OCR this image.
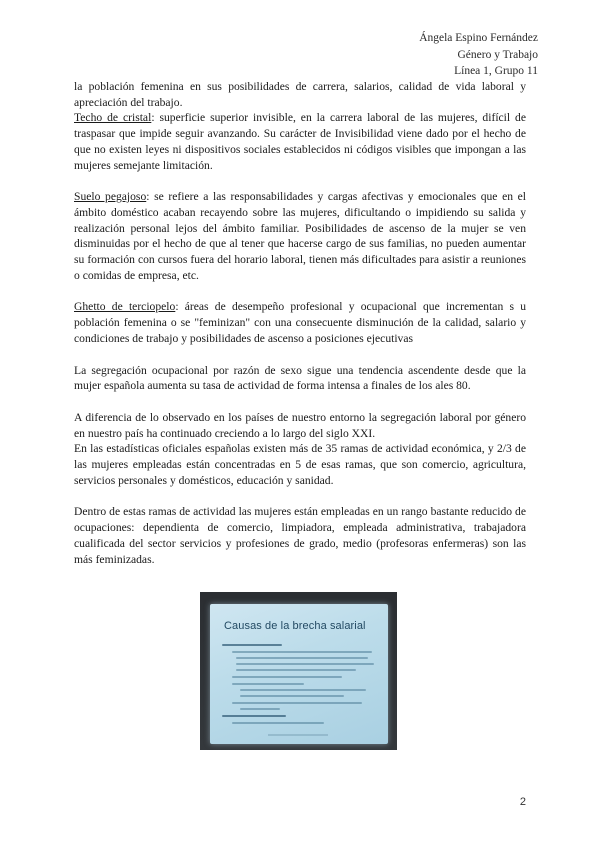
Ángela Espino Fernández
Género y Trabajo
Línea 1, Grupo 11

la población femenina en sus posibilidades de carrera, salarios, calidad de vida laboral y apreciación del trabajo.

Techo de cristal: superficie superior invisible, en la carrera laboral de las mujeres, difícil de traspasar que impide seguir avanzando. Su carácter de Invisibilidad viene dado por el hecho de que no existen leyes ni dispositivos sociales establecidos ni códigos visibles que impongan a las mujeres semejante limitación.

Suelo pegajoso: se refiere a las responsabilidades y cargas afectivas y emocionales que en el ámbito doméstico acaban recayendo sobre las mujeres, dificultando o impidiendo su salida y realización personal lejos del ámbito familiar. Posibilidades de ascenso de la mujer se ven disminuidas por el hecho de que al tener que hacerse cargo de sus familias, no pueden aumentar su formación con cursos fuera del horario laboral, tienen más dificultades para asistir a reuniones o comidas de empresa, etc.

Ghetto de terciopelo: áreas de desempeño profesional y ocupacional que incrementan s u población femenina o se "feminizan" con una consecuente disminución de la calidad, salario y condiciones de trabajo y posibilidades de ascenso a posiciones ejecutivas

La segregación ocupacional por razón de sexo sigue una tendencia ascendente desde que la mujer española aumenta su tasa de actividad de forma intensa a finales de los ales 80.

A diferencia de lo observado en los países de nuestro entorno la segregación laboral por género en nuestro país ha continuado creciendo a lo largo del siglo XXI.

En las estadísticas oficiales españolas existen más de 35 ramas de actividad económica, y 2/3 de las mujeres empleadas están concentradas en 5 de esas ramas, que son comercio, agricultura, servicios personales y domésticos, educación y sanidad.

Dentro de estas ramas de actividad las mujeres están empleadas en un rango bastante reducido de ocupaciones: dependienta de comercio, limpiadora, empleada administrativa, trabajadora cualificada del sector servicios y profesiones de grado, medio (profesoras enfermeras) son las más feminizadas.

Causas de la brecha salarial
2
